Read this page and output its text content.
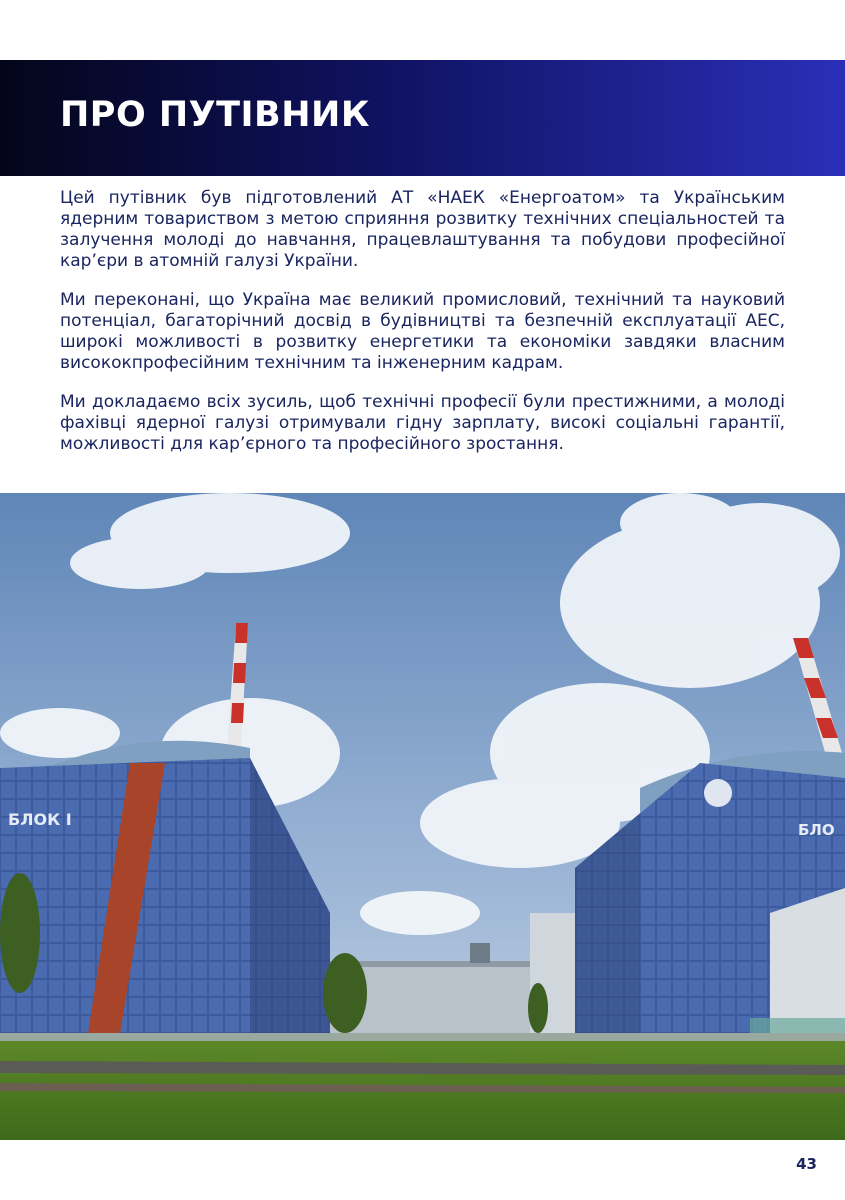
ПРО ПУТІВНИК

Цей путівник був підготовлений АТ «НАЕК «Енергоатом» та Українським ядерним товариством з метою сприяння розвитку технічних спеціальностей та залучення молоді до навчання, працевлаштування та побудови професійної кар’єри в атомній галузі України.

Ми переконані, що Україна має великий промисловий, технічний та науковий потенціал, багаторічний досвід в будівництві та безпечній експлуатації АЕС, широкі можливості в розвитку енергетики та економіки завдяки власним висококпрофесійним технічним та інженерним кадрам.

Ми докладаємо всіх зусиль, щоб технічні професії були престижними, а молоді фахівці ядерної галузі отримували гідну зарплату, високі соціальні гарантії, можливості для кар’єрного та професійного зростання.

БЛОК І
БЛО
43
